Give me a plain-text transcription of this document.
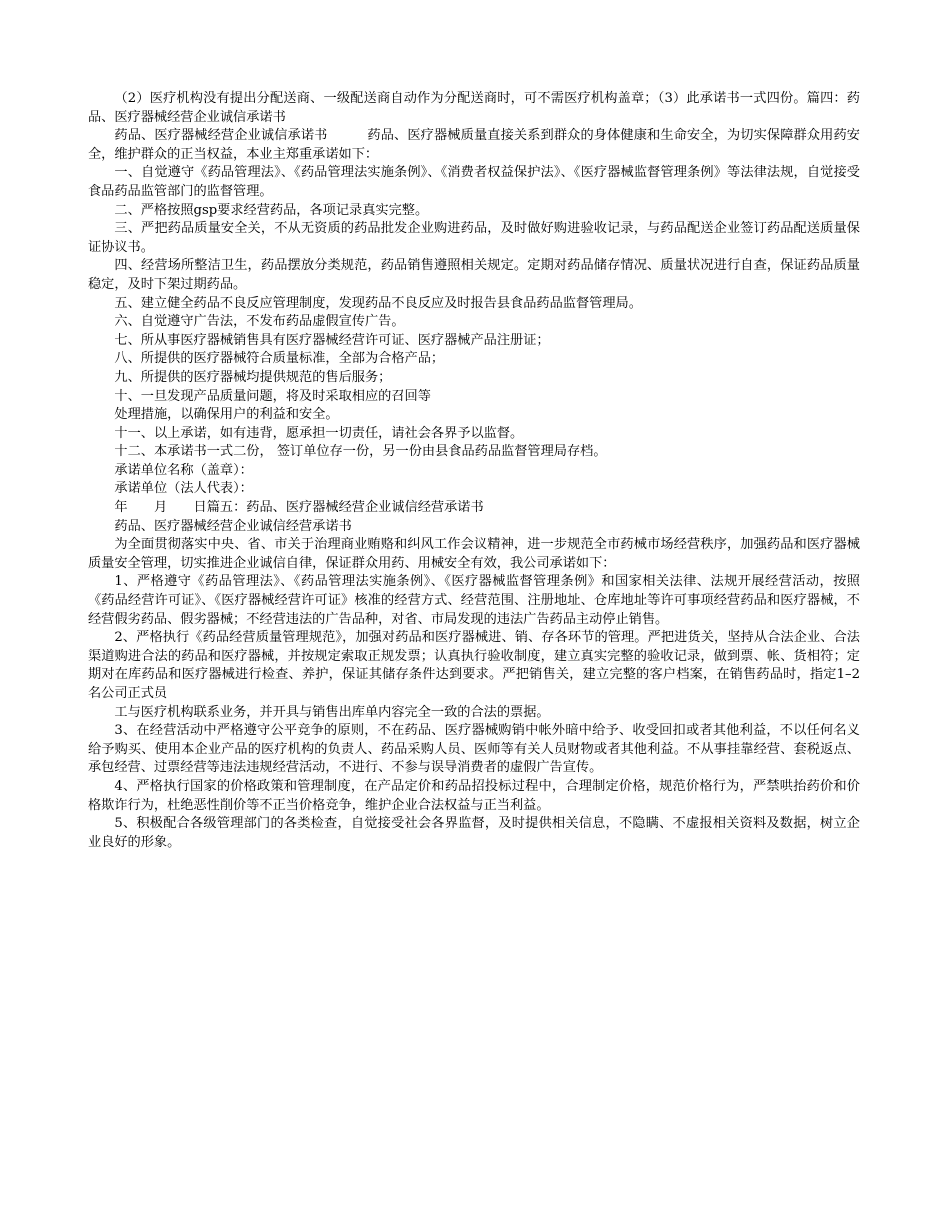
（2）医疗机构没有提出分配送商、一级配送商自动作为分配送商时，可不需医疗机构盖章；（3）此承诺书一式四份。篇四：药品、医疗器械经营企业诚信承诺书

药品、医疗器械经营企业诚信承诺书　　　药品、医疗器械质量直接关系到群众的身体健康和生命安全，为切实保障群众用药安全，维护群众的正当权益，本业主郑重承诺如下：

一、自觉遵守《药品管理法》、《药品管理法实施条例》、《消费者权益保护法》、《医疗器械监督管理条例》等法律法规，自觉接受食品药品监管部门的监督管理。

二、严格按照gsp要求经营药品，各项记录真实完整。

三、严把药品质量安全关，不从无资质的药品批发企业购进药品，及时做好购进验收记录，与药品配送企业签订药品配送质量保证协议书。

四、经营场所整洁卫生，药品摆放分类规范，药品销售遵照相关规定。定期对药品储存情况、质量状况进行自查，保证药品质量稳定，及时下架过期药品。

五、建立健全药品不良反应管理制度，发现药品不良反应及时报告县食品药品监督管理局。

六、自觉遵守广告法，不发布药品虚假宣传广告。

七、所从事医疗器械销售具有医疗器械经营许可证、医疗器械产品注册证；

八、所提供的医疗器械符合质量标准，全部为合格产品；

九、所提供的医疗器械均提供规范的售后服务；

十、一旦发现产品质量问题，将及时采取相应的召回等

处理措施，以确保用户的利益和安全。

十一、以上承诺，如有违背，愿承担一切责任，请社会各界予以监督。

十二、本承诺书一式二份， 签订单位存一份，另一份由县食品药品监督管理局存档。

承诺单位名称（盖章）：

承诺单位（法人代表）：

年　　月　　日篇五：药品、医疗器械经营企业诚信经营承诺书

药品、医疗器械经营企业诚信经营承诺书

为全面贯彻落实中央、省、市关于治理商业贿赂和纠风工作会议精神，进一步规范全市药械市场经营秩序，加强药品和医疗器械质量安全管理，切实推进企业诚信自律，保证群众用药、用械安全有效，我公司承诺如下：

1、严格遵守《药品管理法》、《药品管理法实施条例》、《医疗器械监督管理条例》和国家相关法律、法规开展经营活动，按照《药品经营许可证》、《医疗器械经营许可证》核准的经营方式、经营范围、注册地址、仓库地址等许可事项经营药品和医疗器械，不经营假劣药品、假劣器械；不经营违法的广告品种，对省、市局发现的违法广告药品主动停止销售。

2、严格执行《药品经营质量管理规范》，加强对药品和医疗器械进、销、存各环节的管理。严把进货关，坚持从合法企业、合法渠道购进合法的药品和医疗器械，并按规定索取正规发票；认真执行验收制度，建立真实完整的验收记录，做到票、帐、货相符；定期对在库药品和医疗器械进行检查、养护，保证其储存条件达到要求。严把销售关，建立完整的客户档案，在销售药品时，指定1–2名公司正式员

工与医疗机构联系业务，并开具与销售出库单内容完全一致的合法的票据。

3、在经营活动中严格遵守公平竞争的原则，不在药品、医疗器械购销中帐外暗中给予、收受回扣或者其他利益，不以任何名义给予购买、使用本企业产品的医疗机构的负责人、药品采购人员、医师等有关人员财物或者其他利益。不从事挂靠经营、套税返点、承包经营、过票经营等违法违规经营活动，不进行、不参与误导消费者的虚假广告宣传。

4、严格执行国家的价格政策和管理制度，在产品定价和药品招投标过程中，合理制定价格，规范价格行为，严禁哄抬药价和价格欺诈行为，杜绝恶性削价等不正当价格竞争，维护企业合法权益与正当利益。

5、积极配合各级管理部门的各类检查，自觉接受社会各界监督，及时提供相关信息，不隐瞒、不虚报相关资料及数据，树立企业良好的形象。
